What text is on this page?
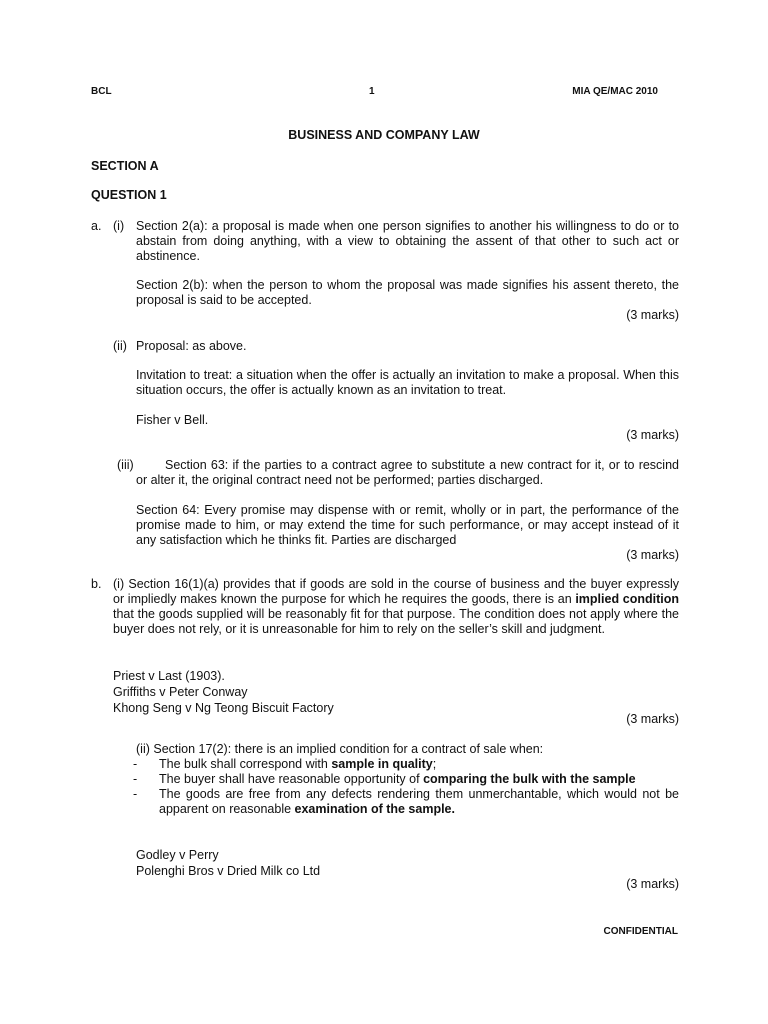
BCL	1	MIA QE/MAC 2010
BUSINESS AND COMPANY LAW
SECTION A
QUESTION 1
a. (i) Section 2(a): a proposal is made when one person signifies to another his willingness to do or to abstain from doing anything, with a view to obtaining the assent of that other to such act or abstinence.

Section 2(b): when the person to whom the proposal was made signifies his assent thereto, the proposal is said to be accepted.

(3 marks)
(ii) Proposal: as above.

Invitation to treat: a situation when the offer is actually an invitation to make a proposal. When this situation occurs, the offer is actually known as an invitation to treat.

Fisher v Bell.

(3 marks)
(iii)	Section 63: if the parties to a contract agree to substitute a new contract for it, or to rescind or alter it, the original contract need not be performed; parties discharged.

Section 64: Every promise may dispense with or remit, wholly or in part, the performance of the promise made to him, or may extend the time for such performance, or may accept instead of it any satisfaction which he thinks fit. Parties are discharged

(3 marks)
b. (i) Section 16(1)(a) provides that if goods are sold in the course of business and the buyer expressly or impliedly makes known the purpose for which he requires the goods, there is an implied condition that the goods supplied will be reasonably fit for that purpose. The condition does not apply where the buyer does not rely, or it is unreasonable for him to rely on the seller’s skill and judgment.

Priest v Last (1903).
Griffiths v Peter Conway
Khong Seng v Ng Teong Biscuit Factory
(3 marks)

(ii) Section 17(2): there is an implied condition for a contract of sale when:

- The bulk shall correspond with sample in quality;
- The buyer shall have reasonable opportunity of comparing the bulk with the sample
- The goods are free from any defects rendering them unmerchantable, which would not be apparent on reasonable examination of the sample.
Godley v Perry
Polenghi Bros v Dried Milk co Ltd
(3 marks)
CONFIDENTIAL
